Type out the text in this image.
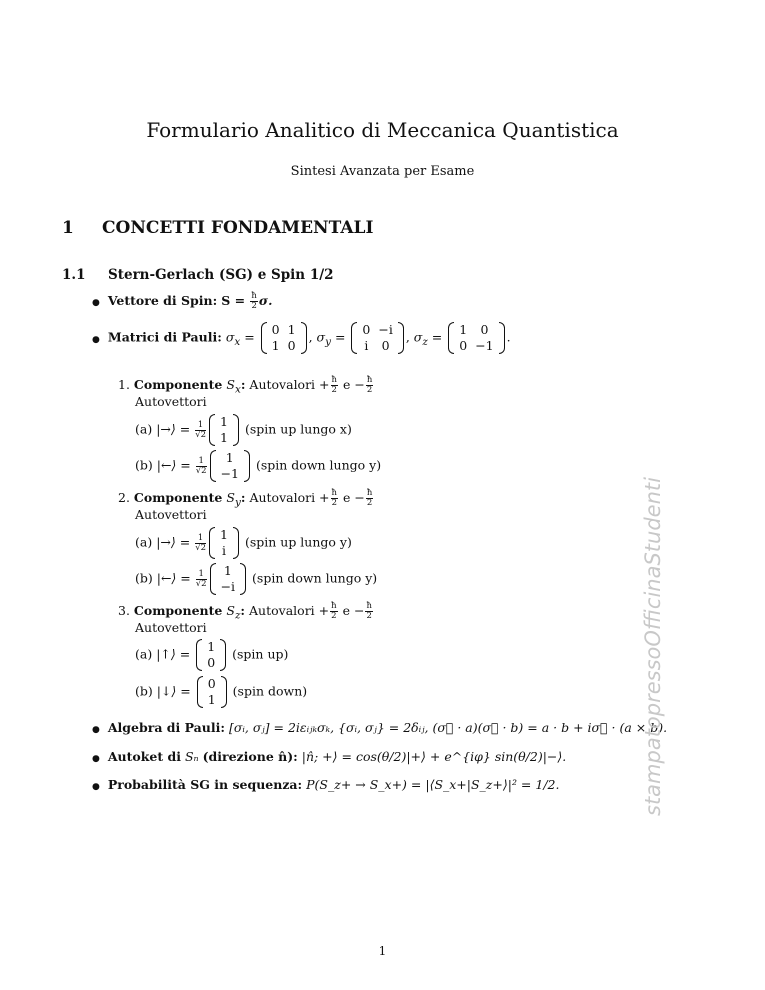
Formulario Analitico di Meccanica Quantistica
Sintesi Avanzata per Esame
1 CONCETTI FONDAMENTALI
1.1 Stern-Gerlach (SG) e Spin 1/2
● Vettore di Spin: $S = \frac{ħ}{2} \sigma$.
● Matrici di Pauli: $\sigma_x = 0$	1
1	0
, $\sigma_y = 0$	−i
i	0
, $\sigma_z = 1$	0
0	−1
.
1. Componente $S_x$: Autovalori + $\frac{ħ}{2}$ $e - \frac{ħ}{2}$
Autovettori
(a) |→⟩ = $\frac{1}{√2} 1$
1
(spin up lungo x)
(b) |←⟩ = $\frac{1}{√2} 1$
−1
(spin down lungo y)
2. Componente $S_y$: Autovalori + $\frac{ħ}{2}$ $e - \frac{ħ}{2}$
Autovettori
(a) |→⟩ = $\frac{1}{√2} 1$
i
(spin up lungo y)
(b) |←⟩ = $\frac{1}{√2} 1$
−i
(spin down lungo y)
3. Componente $S_z$: Autovalori + $\frac{ħ}{2}$ $e - \frac{ħ}{2}$
Autovettori
(a) |↑⟩ = 1
0
(spin up)
(b) |↓⟩ = 0
1
(spin down)
● Algebra di Pauli: [σᵢ, σⱼ] = 2iεᵢⱼₖσₖ, {σᵢ, σⱼ} = 2δᵢⱼ, (σ⃗ · a)(σ⃗ · b) = a · b + iσ⃗ · (a × b).
● Autoket di Sₙ (direzione n̂): |n̂; +⟩ = cos(θ/2)|+⟩ + e^{iφ} sin(θ/2)|−⟩.
● Probabilità SG in sequenza: P(S_z+ → S_x+) = |⟨S_x+|S_z+⟩|² = 1/2.	stampatopressoOfficinaStudenti
1
